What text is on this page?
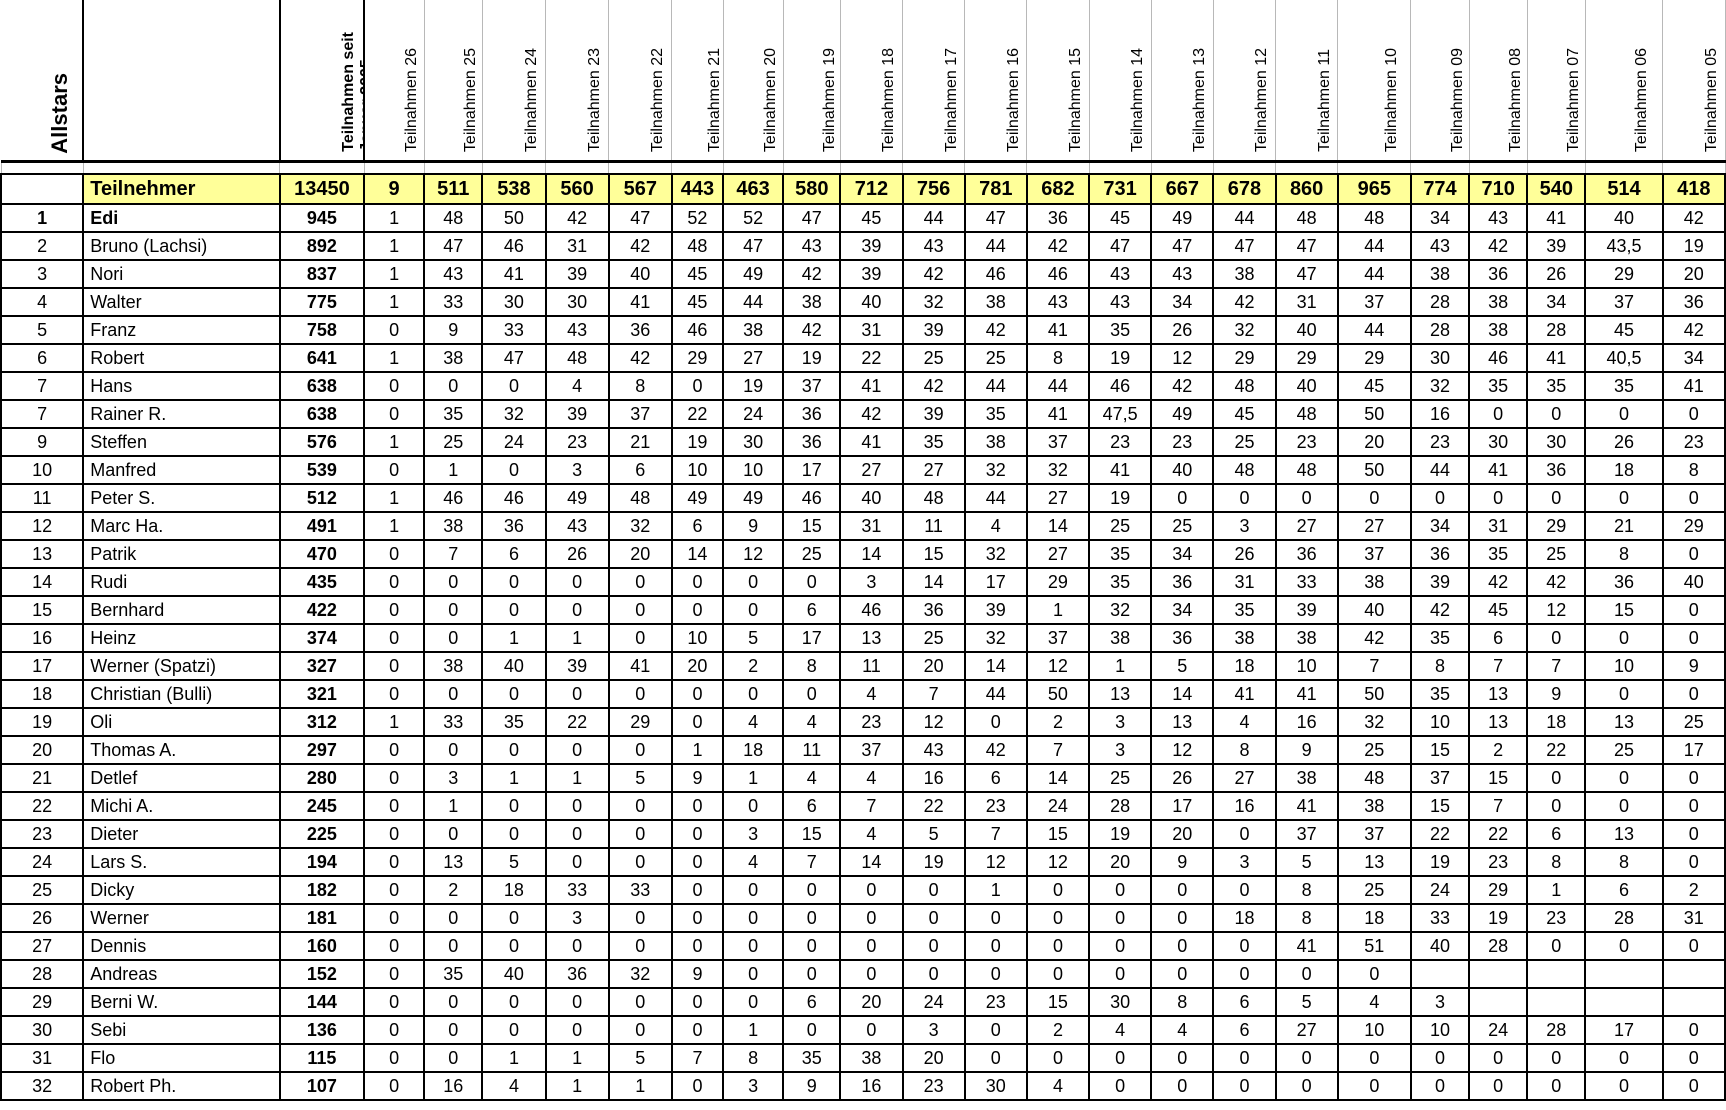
Allstars		Teilnahmen seit	Teilnahmen 26	Teilnahmen 25	Teilnahmen 24	Teilnahmen 23	Teilnahmen 22	Teilnahmen 21	Teilnahmen 20	Teilnahmen 19	Teilnahmen 18	Teilnahmen 17	Teilnahmen 16	Teilnahmen 15	Teilnahmen 14	Teilnahmen 13	Teilnahmen 12	Teilnahmen 11	Teilnahmen 10	Teilnahmen 09	Teilnahmen 08	Teilnahmen 07	Teilnahmen 06	Teilnahmen 05

	Teilnehmer	13450	9	511	538	560	567	443	463	580	712	756	781	682	731	667	678	860	965	774	710	540	514	418
1	Edi	945	1	48	50	42	47	52	52	47	45	44	47	36	45	49	44	48	48	34	43	41	40	42
2	Bruno (Lachsi)	892	1	47	46	31	42	48	47	43	39	43	44	42	47	47	47	47	44	43	42	39	43,5	19
3	Nori	837	1	43	41	39	40	45	49	42	39	42	46	46	43	43	38	47	44	38	36	26	29	20
4	Walter	775	1	33	30	30	41	45	44	38	40	32	38	43	43	34	42	31	37	28	38	34	37	36
5	Franz	758	0	9	33	43	36	46	38	42	31	39	42	41	35	26	32	40	44	28	38	28	45	42
6	Robert	641	1	38	47	48	42	29	27	19	22	25	25	8	19	12	29	29	29	30	46	41	40,5	34
7	Hans	638	0	0	0	4	8	0	19	37	41	42	44	44	46	42	48	40	45	32	35	35	35	41
7	Rainer R.	638	0	35	32	39	37	22	24	36	42	39	35	41	47,5	49	45	48	50	16	0	0	0	0
9	Steffen	576	1	25	24	23	21	19	30	36	41	35	38	37	23	23	25	23	20	23	30	30	26	23
10	Manfred	539	0	1	0	3	6	10	10	17	27	27	32	32	41	40	48	48	50	44	41	36	18	8
11	Peter S.	512	1	46	46	49	48	49	49	46	40	48	44	27	19	0	0	0	0	0	0	0	0	0
12	Marc Ha.	491	1	38	36	43	32	6	9	15	31	11	4	14	25	25	3	27	27	34	31	29	21	29
13	Patrik	470	0	7	6	26	20	14	12	25	14	15	32	27	35	34	26	36	37	36	35	25	8	0
14	Rudi	435	0	0	0	0	0	0	0	0	3	14	17	29	35	36	31	33	38	39	42	42	36	40
15	Bernhard	422	0	0	0	0	0	0	0	6	46	36	39	1	32	34	35	39	40	42	45	12	15	0
16	Heinz	374	0	0	1	1	0	10	5	17	13	25	32	37	38	36	38	38	42	35	6	0	0	0
17	Werner (Spatzi)	327	0	38	40	39	41	20	2	8	11	20	14	12	1	5	18	10	7	8	7	7	10	9
18	Christian (Bulli)	321	0	0	0	0	0	0	0	0	4	7	44	50	13	14	41	41	50	35	13	9	0	0
19	Oli	312	1	33	35	22	29	0	4	4	23	12	0	2	3	13	4	16	32	10	13	18	13	25
20	Thomas A.	297	0	0	0	0	0	1	18	11	37	43	42	7	3	12	8	9	25	15	2	22	25	17
21	Detlef	280	0	3	1	1	5	9	1	4	4	16	6	14	25	26	27	38	48	37	15	0	0	0
22	Michi A.	245	0	1	0	0	0	0	0	6	7	22	23	24	28	17	16	41	38	15	7	0	0	0
23	Dieter	225	0	0	0	0	0	0	3	15	4	5	7	15	19	20	0	37	37	22	22	6	13	0
24	Lars S.	194	0	13	5	0	0	0	4	7	14	19	12	12	20	9	3	5	13	19	23	8	8	0
25	Dicky	182	0	2	18	33	33	0	0	0	0	0	1	0	0	0	0	8	25	24	29	1	6	2
26	Werner	181	0	0	0	3	0	0	0	0	0	0	0	0	0	0	18	8	18	33	19	23	28	31
27	Dennis	160	0	0	0	0	0	0	0	0	0	0	0	0	0	0	0	41	51	40	28	0	0	0
28	Andreas	152	0	35	40	36	32	9	0	0	0	0	0	0	0	0	0	0	0					
29	Berni W.	144	0	0	0	0	0	0	0	6	20	24	23	15	30	8	6	5	4	3				
30	Sebi	136	0	0	0	0	0	0	1	0	0	3	0	2	4	4	6	27	10	10	24	28	17	0
31	Flo	115	0	0	1	1	5	7	8	35	38	20	0	0	0	0	0	0	0	0	0	0	0	0
32	Robert Ph.	107	0	16	4	1	1	0	3	9	16	23	30	4	0	0	0	0	0	0	0	0	0	0
